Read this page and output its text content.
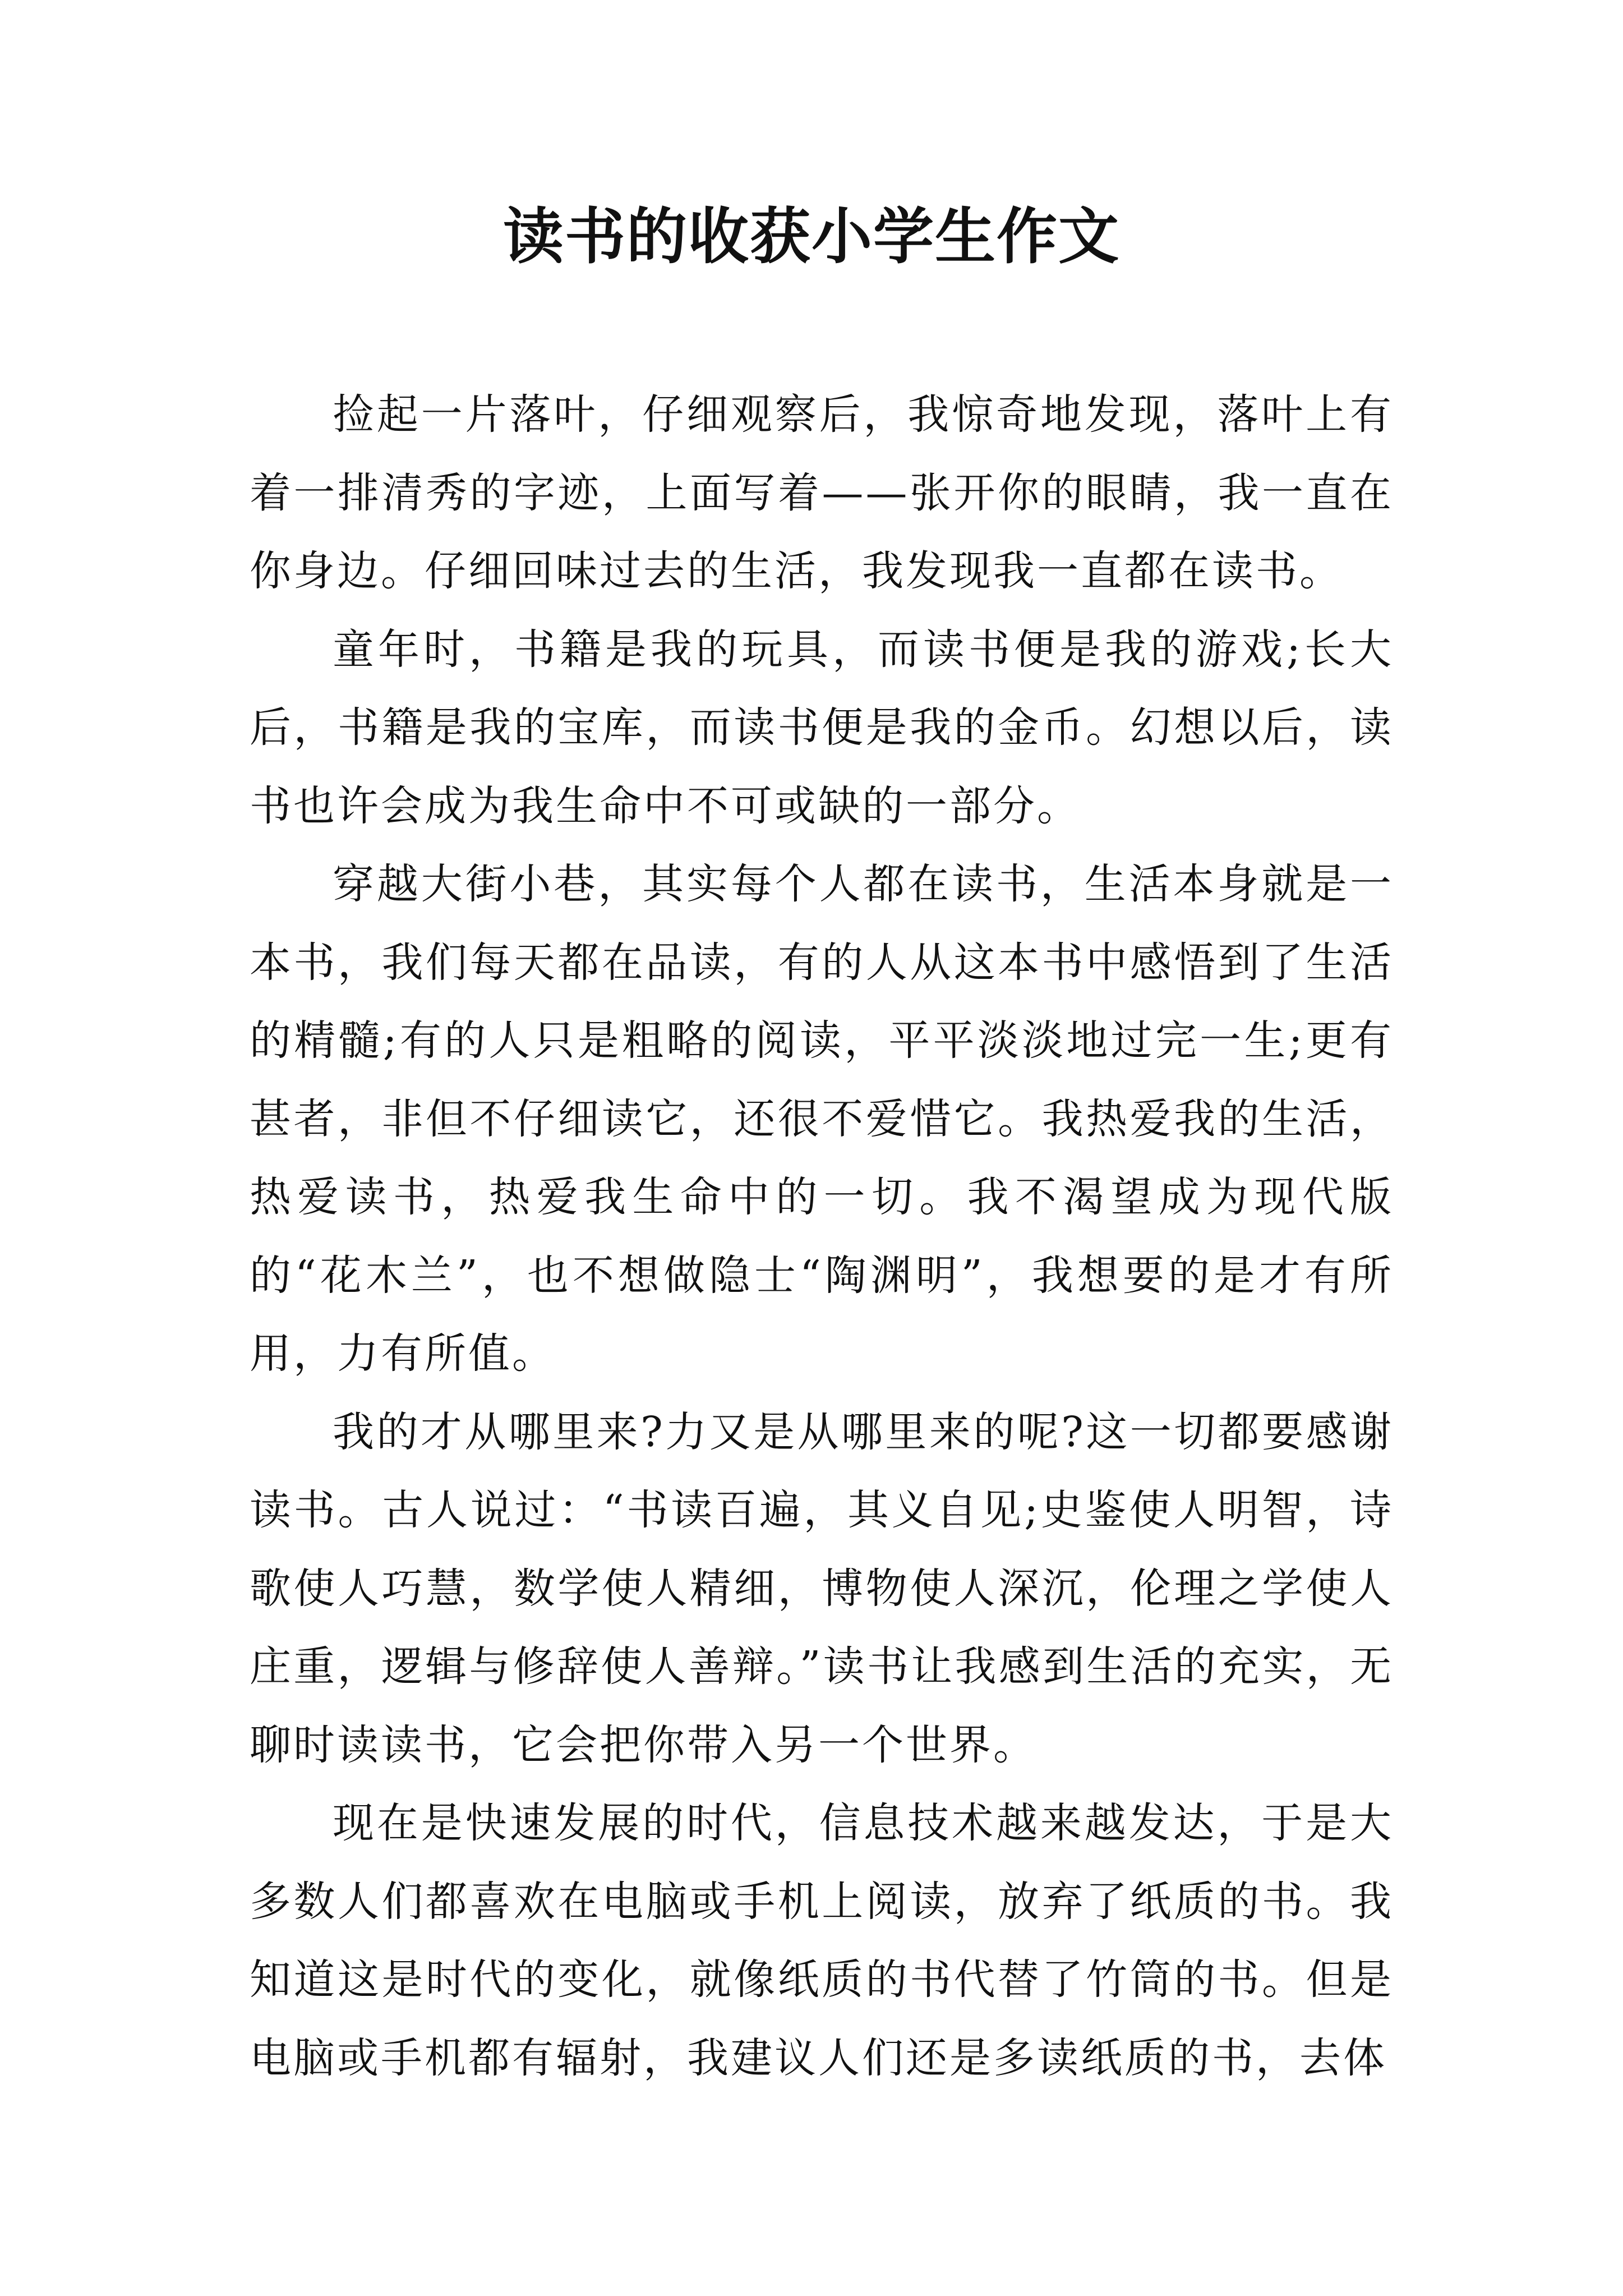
读书的收获小学生作文

捡起一片落叶，仔细观察后，我惊奇地发现，落叶上有着一排清秀的字迹，上面写着——张开你的眼睛，我一直在你身边。仔细回味过去的生活，我发现我一直都在读书。

童年时，书籍是我的玩具，而读书便是我的游戏;长大后，书籍是我的宝库，而读书便是我的金币。幻想以后，读书也许会成为我生命中不可或缺的一部分。

穿越大街小巷，其实每个人都在读书，生活本身就是一本书，我们每天都在品读，有的人从这本书中感悟到了生活的精髓;有的人只是粗略的阅读，平平淡淡地过完一生;更有甚者，非但不仔细读它，还很不爱惜它。我热爱我的生活，热爱读书，热爱我生命中的一切。我不渴望成为现代版的“花木兰”，也不想做隐士“陶渊明”，我想要的是才有所用，力有所值。

我的才从哪里来?力又是从哪里来的呢?这一切都要感谢读书。古人说过：“书读百遍，其义自见;史鉴使人明智，诗歌使人巧慧，数学使人精细，博物使人深沉，伦理之学使人庄重，逻辑与修辞使人善辩。”读书让我感到生活的充实，无聊时读读书，它会把你带入另一个世界。

现在是快速发展的时代，信息技术越来越发达，于是大多数人们都喜欢在电脑或手机上阅读，放弃了纸质的书。我知道这是时代的变化，就像纸质的书代替了竹筒的书。但是电脑或手机都有辐射，我建议人们还是多读纸质的书，去体
